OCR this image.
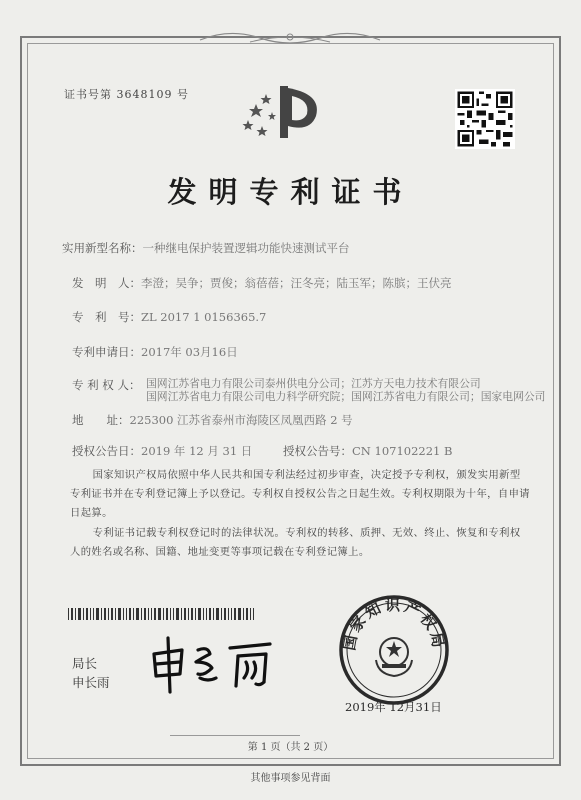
证书号第 3648109 号
发明专利证书
实用新型名称：一种继电保护装置逻辑功能快速测试平台
发　明　人：李澄；吴争；贾俊；翁蓓蓓；汪冬亮；陆玉军；陈膑；王伏亮
专　利　号：ZL 2017 1 0156365.7
专利申请日：2017年 03月16日
专 利 权 人： 国网江苏省电力有限公司泰州供电分公司；江苏方天电力技术有限公司
国网江苏省电力有限公司电力科学研究院；国网江苏省电力有限公司；国家电网公司
地　　址：225300 江苏省泰州市海陵区凤凰西路 2 号
授权公告日：2019 年 12 月 31 日	授权公告号：CN 107102221 B
国家知识产权局依照中华人民共和国专利法经过初步审查，决定授予专利权，颁发实用新型专利证书并在专利登记簿上予以登记。专利权自授权公告之日起生效。专利权期限为十年，自申请日起算。
专利证书记载专利权登记时的法律状况。专利权的转移、质押、无效、终止、恢复和专利权人的姓名或名称、国籍、地址变更等事项记载在专利登记簿上。
局长
申长雨
国家知识产权局
2019年 12月31日
第 1 页（共 2 页）
其他事项参见背面
